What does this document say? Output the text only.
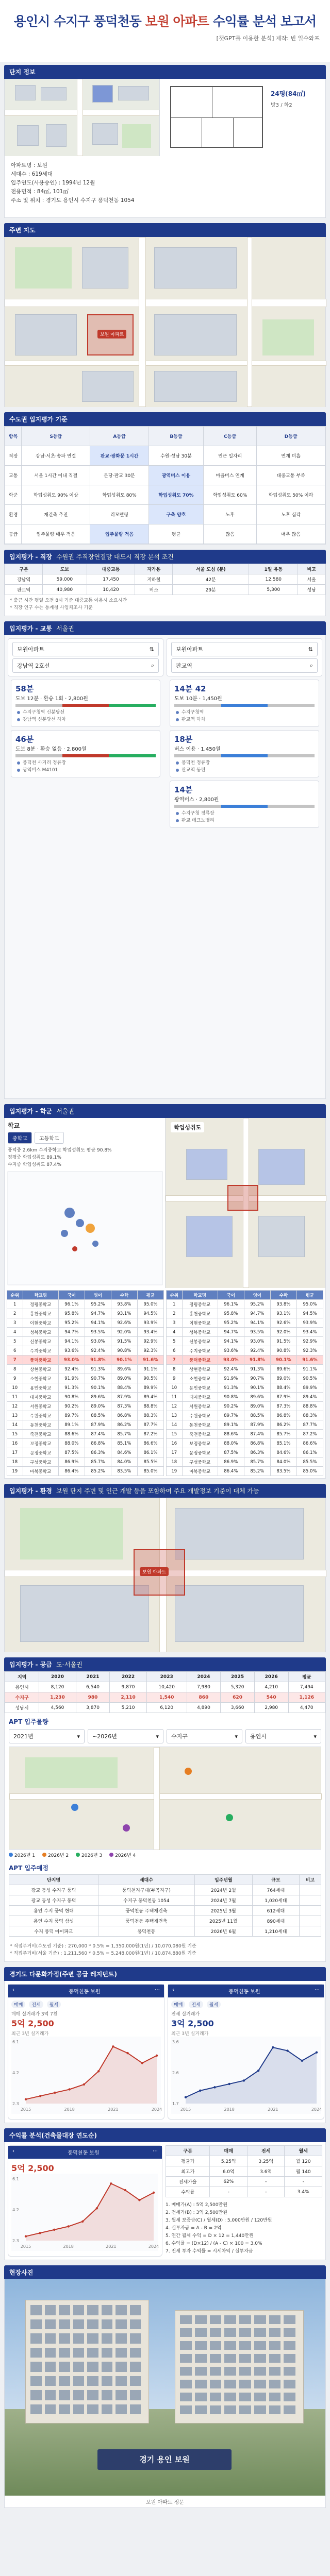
용인시 수지구 풍덕천동 보원 아파트 수익률 분석 보고서
[챗GPT를 이용한 분석] 제작: 빈 일수와프
단지 정보
24평(84㎡)
방3 / 화2
아파트명 : 보원
세대수 : 619세대
입주연도(사용승인) : 1994년 12월
전용면적 : 84㎡, 101㎡
주소 및 위치 : 경기도 용인시 수지구 풍덕천동 1054
주변 지도
보원 아파트
수도권 입지평가 기준
항목	S등급	A등급	B등급	C등급	D등급
직장	강남·서초·송파 연결	판교·광화문 1시간	수원·성남 30분	인근 일자리	연계 미흡
교통	서울 1시간 이내 직결	분당·판교 30분	광역버스 이용	마을버스 연계	대중교통 부족
학군	학업성취도 90% 이상	학업성취도 80%	학업성취도 70%	학업성취도 60%	학업성취도 50% 이하
환경	재건축 추진	리모델링	구축 양호	노후	노후 심각
공급	입주물량 매우 적음	입주물량 적음	평균	많음	매우 많음
입지평가 - 직장 수원권 주직장연결망 대도시 직장 분석 조건
구분	도보	대중교통	자가용	서울 도심 (분)	1일 유동	비고
강남역	59,000	17,450	지하철	42분	12,580	서울
판교역	40,980	10,420	버스	29분	5,300	성남
* 출근 시간 평일 오전 8시 기준 대중교통 이용시 소요시간
* 직장 인구 수는 통계청 사업체조사 기준
입지평가 - 교통 서울권
보원아파트	⇅
강남역 2호선	⌕
58분
도보 12분 · 환승 1회 · 2,800원
수지구청역 신분당선
강남역 신분당선 하차
46분
도보 8분 · 환승 없음 · 2,800원
풍덕천 사거리 정류장
광역버스 M4101
보원아파트	⇅
판교역	⌕
14분 42
도보 10분 · 1,450원
수지구청역
판교역 하차
18분
버스 이용 · 1,450원
풍덕천 정류장
판교역 동편
14분
광역버스 · 2,800원
수지구청 정류장
판교 테크노밸리
입지평가 - 학군 서울권
학교
중학교 고등학교
풍덕중 2.6km 수지중학교 학업성취도 평균 90.8%
정평중 학업성취도 89.1%
수지중 학업성취도 87.4%
학업성취도
순위	학교명	국어	영어	수학	평균
1	정평중학교	96.1%	95.2%	93.8%	95.0%
2	홍천중학교	95.8%	94.7%	93.1%	94.5%
3	이현중학교	95.2%	94.1%	92.6%	93.9%
4	성복중학교	94.7%	93.5%	92.0%	93.4%
5	신봉중학교	94.1%	93.0%	91.5%	92.9%
6	수지중학교	93.6%	92.4%	90.8%	92.3%
7	풍덕중학교	93.0%	91.8%	90.1%	91.6%
8	상현중학교	92.4%	91.3%	89.6%	91.1%
9	소현중학교	91.9%	90.7%	89.0%	90.5%
10	용인중학교	91.3%	90.1%	88.4%	89.9%
11	대지중학교	90.8%	89.6%	87.9%	89.4%
12	서원중학교	90.2%	89.0%	87.3%	88.8%
13	수원중학교	89.7%	88.5%	86.8%	88.3%
14	동천중학교	89.1%	87.9%	86.2%	87.7%
15	죽전중학교	88.6%	87.4%	85.7%	87.2%
16	보정중학교	88.0%	86.8%	85.1%	86.6%
17	문정중학교	87.5%	86.3%	84.6%	86.1%
18	구성중학교	86.9%	85.7%	84.0%	85.5%
19	마북중학교	86.4%	85.2%	83.5%	85.0%
순위	학교명	국어	영어	수학	평균
1	정평중학교	96.1%	95.2%	93.8%	95.0%
2	홍천중학교	95.8%	94.7%	93.1%	94.5%
3	이현중학교	95.2%	94.1%	92.6%	93.9%
4	성복중학교	94.7%	93.5%	92.0%	93.4%
5	신봉중학교	94.1%	93.0%	91.5%	92.9%
6	수지중학교	93.6%	92.4%	90.8%	92.3%
7	풍덕중학교	93.0%	91.8%	90.1%	91.6%
8	상현중학교	92.4%	91.3%	89.6%	91.1%
9	소현중학교	91.9%	90.7%	89.0%	90.5%
10	용인중학교	91.3%	90.1%	88.4%	89.9%
11	대지중학교	90.8%	89.6%	87.9%	89.4%
12	서원중학교	90.2%	89.0%	87.3%	88.8%
13	수원중학교	89.7%	88.5%	86.8%	88.3%
14	동천중학교	89.1%	87.9%	86.2%	87.7%
15	죽전중학교	88.6%	87.4%	85.7%	87.2%
16	보정중학교	88.0%	86.8%	85.1%	86.6%
17	문정중학교	87.5%	86.3%	84.6%	86.1%
18	구성중학교	86.9%	85.7%	84.0%	85.5%
19	마북중학교	86.4%	85.2%	83.5%	85.0%
입지평가 - 환경 보원 단지 주변 및 인근 개발 등을 포함하여 주요 개발정보 기준이 대체 가능
보원 아파트
입지평가 - 공급 도-서울권
지역	2020	2021	2022	2023	2024	2025	2026	평균
용인시	8,120	6,540	9,870	10,420	7,980	5,320	4,210	7,494
수지구	1,230	980	2,110	1,540	860	620	540	1,126
성남시	4,560	3,870	5,210	6,120	4,890	3,660	2,980	4,470
APT 입주물량
2021년	▾ ~2026년	▾ 수지구	▾ 용인시	▾
2026년 1	2026년 2	2026년 3	2026년 4
APT 입주예정
단지명	세대수	입주년월	규모	비고
광교 동성 수지구 풍덕	풍덕천지구대(부곡지구)	2024년 2월	764세대	
광교 동성 수지구 풍덕	수지구 풍덕천동 1054	2024년 7월	1,020세대	
용인 수지 풍덕 현대	풍덕천동 주택재건축	2025년 3월	612세대	
용인 수지 풍덕 삼성	풍덕천동 주택재건축	2025년 11월	890세대	
수지 풍덕 아이파크	풍덕천동	2026년 6월	1,210세대	
* 직접주거비(수도권 기준) : 270,000 * 0.5% = 1,350,000원(1년) / 10,070,080원 기준
* 직접주거비(서울 기준) : 1,211,560 * 0.5% = 5,248,000원(1년) / 10,874,880원 기준
경기도 다문화가정(주변 공급 레지던트)
‹	풍덕천동 보원	⋯
매매	전세	월세
매매 실거래가 3억 7천
5억 2,500
최근 3년 실거래가
2015	2018	2021	2024
2.3
4.2
6.1
‹	풍덕천동 보원	⋯
매매	전세	월세
전세 실거래가
3억 2,500
최근 3년 실거래가
2015	2018	2021	2024
1.7
2.6
3.6
수익률 분석(건축물대장 연도순)
‹	풍덕천동 보원	⋯
5억 2,500
2015	2018	2021	2024
2.3
4.2
6.1
구분	매매	전세	월세
평균가	5.25억	3.25억	월 120
최고가	6.0억	3.6억	월 140
전세가율	62%	-	-
수익률	-	-	3.4%
1. 매매가(A) : 5억 2,500만원
2. 전세가(B) : 3억 2,500만원
3. 월세 보증금(C) / 월세(D) : 5,000만원 / 120만원
4. 실투자금 = A - B = 2억
5. 연간 월세 수익 = D × 12 = 1,440만원
6. 수익률 = (D×12) / (A - C) × 100 = 3.0%
7. 전세 투자 수익률 = 시세차익 / 실투자금
현장사진
경기 용인 보원
보원 아파트 정문
